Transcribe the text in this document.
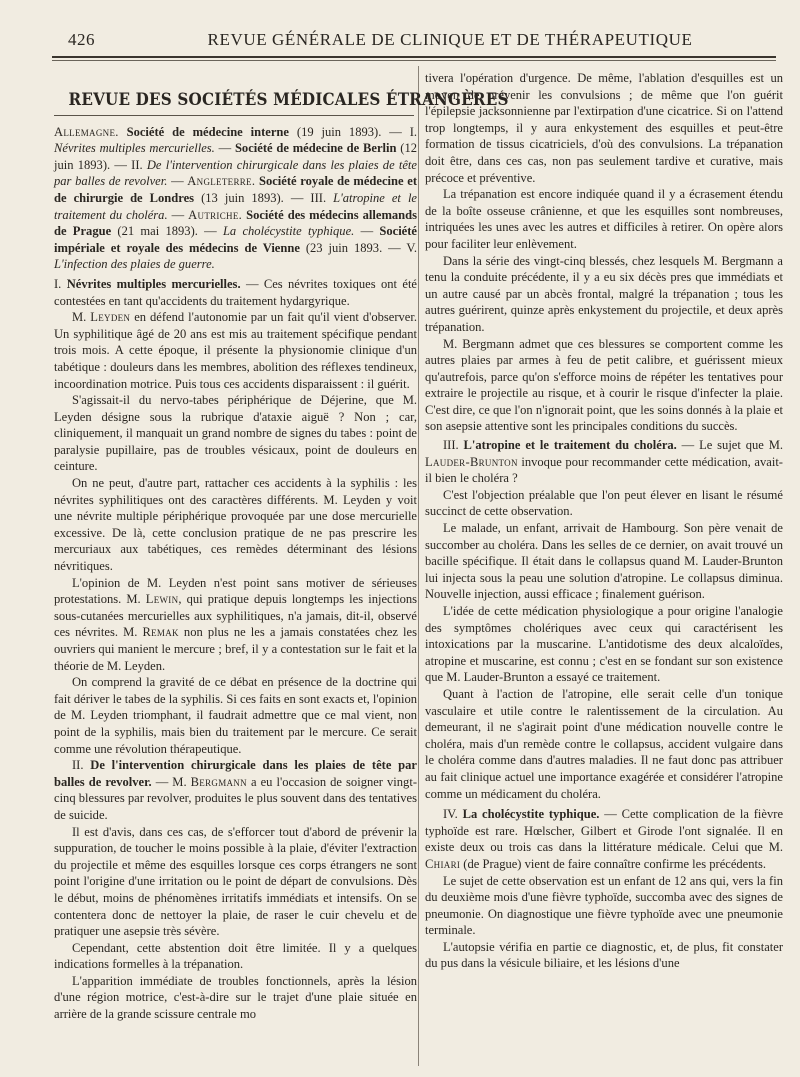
426	REVUE GÉNÉRALE DE CLINIQUE ET DE THÉRAPEUTIQUE
REVUE DES SOCIÉTÉS MÉDICALES ÉTRANGÈRES

Allemagne. Société de médecine interne (19 juin 1893). — I. Névrites multiples mercurielles. — Société de médecine de Berlin (12 juin 1893). — II. De l'intervention chirurgicale dans les plaies de tête par balles de revolver. — Angleterre. Société royale de médecine et de chirurgie de Londres (13 juin 1893). — III. L'atropine et le traitement du choléra. — Autriche. Société des médecins allemands de Prague (21 mai 1893). — La cholécystite typhique. — Société impériale et royale des médecins de Vienne (23 juin 1893. — V. L'infection des plaies de guerre.

I. Névrites multiples mercurielles. — Ces névrites toxiques ont été contestées en tant qu'accidents du traitement hydargyrique.

M. Leyden en défend l'autonomie par un fait qu'il vient d'observer. Un syphilitique âgé de 20 ans est mis au traitement spécifique pendant trois mois. A cette époque, il présente la physionomie clinique d'un tabétique : douleurs dans les membres, abolition des réflexes tendineux, incoordination motrice. Puis tous ces accidents disparaissent : il guérit.

S'agissait-il du nervo-tabes périphérique de Déjerine, que M. Leyden désigne sous la rubrique d'ataxie aiguë ? Non ; car, cliniquement, il manquait un grand nombre de signes du tabes : point de paralysie pupillaire, pas de troubles vésicaux, point de douleurs en ceinture.

On ne peut, d'autre part, rattacher ces accidents à la syphilis : les névrites syphilitiques ont des caractères différents. M. Leyden y voit une névrite multiple périphérique provoquée par une dose mercurielle excessive. De là, cette conclusion pratique de ne pas prescrire les mercuriaux aux tabétiques, ces remèdes déterminant des lésions névritiques.

L'opinion de M. Leyden n'est point sans motiver de sérieuses protestations. M. Lewin, qui pratique depuis longtemps les injections sous-cutanées mercurielles aux syphilitiques, n'a jamais, dit-il, observé ces névrites. M. Remak non plus ne les a jamais constatées chez les ouvriers qui manient le mercure ; bref, il y a contestation sur le fait et la théorie de M. Leyden.

On comprend la gravité de ce débat en présence de la doctrine qui fait dériver le tabes de la syphilis. Si ces faits en sont exacts et, l'opinion de M. Leyden triomphant, il faudrait admettre que ce mal vient, non point de la syphilis, mais bien du traitement par le mercure. Ce serait comme une révolution thérapeutique.

II. De l'intervention chirurgicale dans les plaies de tête par balles de revolver. — M. Bergmann a eu l'occasion de soigner vingt-cinq blessures par revolver, produites le plus souvent dans des tentatives de suicide.

Il est d'avis, dans ces cas, de s'efforcer tout d'abord de prévenir la suppuration, de toucher le moins possible à la plaie, d'éviter l'extraction du projectile et même des esquilles lorsque ces corps étrangers ne sont point l'origine d'une irritation ou le point de départ de convulsions. Dès le début, moins de phénomènes irritatifs immédiats et intensifs. On se contentera donc de nettoyer la plaie, de raser le cuir chevelu et de pratiquer une asepsie très sévère.

Cependant, cette abstention doit être limitée. Il y a quelques indications formelles à la trépanation.

L'apparition immédiate de troubles fonctionnels, après la lésion d'une région motrice, c'est-à-dire sur le trajet d'une plaie située en arrière de la grande scissure centrale mo

tivera l'opération d'urgence. De même, l'ablation d'esquilles est un moyen de prévenir les convulsions ; de même que l'on guérit l'épilepsie jacksonnienne par l'extirpation d'une cicatrice. Si on l'attend trop longtemps, il y aura enkystement des esquilles et peut-être formation de tissus cicatriciels, d'où des convulsions. La trépanation doit être, dans ces cas, non pas seulement tardive et curative, mais précoce et préventive.

La trépanation est encore indiquée quand il y a écrasement étendu de la boîte osseuse crânienne, et que les esquilles sont nombreuses, intriquées les unes avec les autres et difficiles à retirer. On opère alors pour faciliter leur enlèvement.

Dans la série des vingt-cinq blessés, chez lesquels M. Bergmann a tenu la conduite précédente, il y a eu six décès pres que immédiats et un autre causé par un abcès frontal, malgré la trépanation ; tous les autres guérirent, quinze après enkystement du projectile, et deux après trépanation.

M. Bergmann admet que ces blessures se comportent comme les autres plaies par armes à feu de petit calibre, et guérissent mieux qu'autrefois, parce qu'on s'efforce moins de répéter les tentatives pour extraire le projectile au risque, et à courir le risque d'infecter la plaie. C'est dire, ce que l'on n'ignorait point, que les soins donnés à la plaie et son asepsie attentive sont les principales conditions du succès.

III. L'atropine et le traitement du choléra. — Le sujet que M. Lauder-Brunton invoque pour recommander cette médication, avait-il bien le choléra ?

C'est l'objection préalable que l'on peut élever en lisant le résumé succinct de cette observation.

Le malade, un enfant, arrivait de Hambourg. Son père venait de succomber au choléra. Dans les selles de ce dernier, on avait trouvé un bacille spécifique. Il était dans le collapsus quand M. Lauder-Brunton lui injecta sous la peau une solution d'atropine. Le collapsus diminua. Nouvelle injection, aussi efficace ; finalement guérison.

L'idée de cette médication physiologique a pour origine l'analogie des symptômes cholériques avec ceux qui caractérisent les intoxications par la muscarine. L'antidotisme des deux alcaloïdes, atropine et muscarine, est connu ; c'est en se fondant sur son existence que M. Lauder-Brunton a essayé ce traitement.

Quant à l'action de l'atropine, elle serait celle d'un tonique vasculaire et utile contre le ralentissement de la circulation. Au demeurant, il ne s'agirait point d'une médication nouvelle contre le choléra, mais d'un remède contre le collapsus, accident vulgaire dans le choléra comme dans d'autres maladies. Il ne faut donc pas attribuer au fait clinique actuel une importance exagérée et considérer l'atropine comme un médicament du choléra.

IV. La cholécystite typhique. — Cette complication de la fièvre typhoïde est rare. Hœlscher, Gilbert et Girode l'ont signalée. Il en existe deux ou trois cas dans la littérature médicale. Celui que M. Chiari (de Prague) vient de faire connaître confirme les précédents.

Le sujet de cette observation est un enfant de 12 ans qui, vers la fin du deuxième mois d'une fièvre typhoïde, succomba avec des signes de pneumonie. On diagnostique une fièvre typhoïde avec une pneumonie terminale.

L'autopsie vérifia en partie ce diagnostic, et, de plus, fit constater du pus dans la vésicule biliaire, et les lésions d'une
